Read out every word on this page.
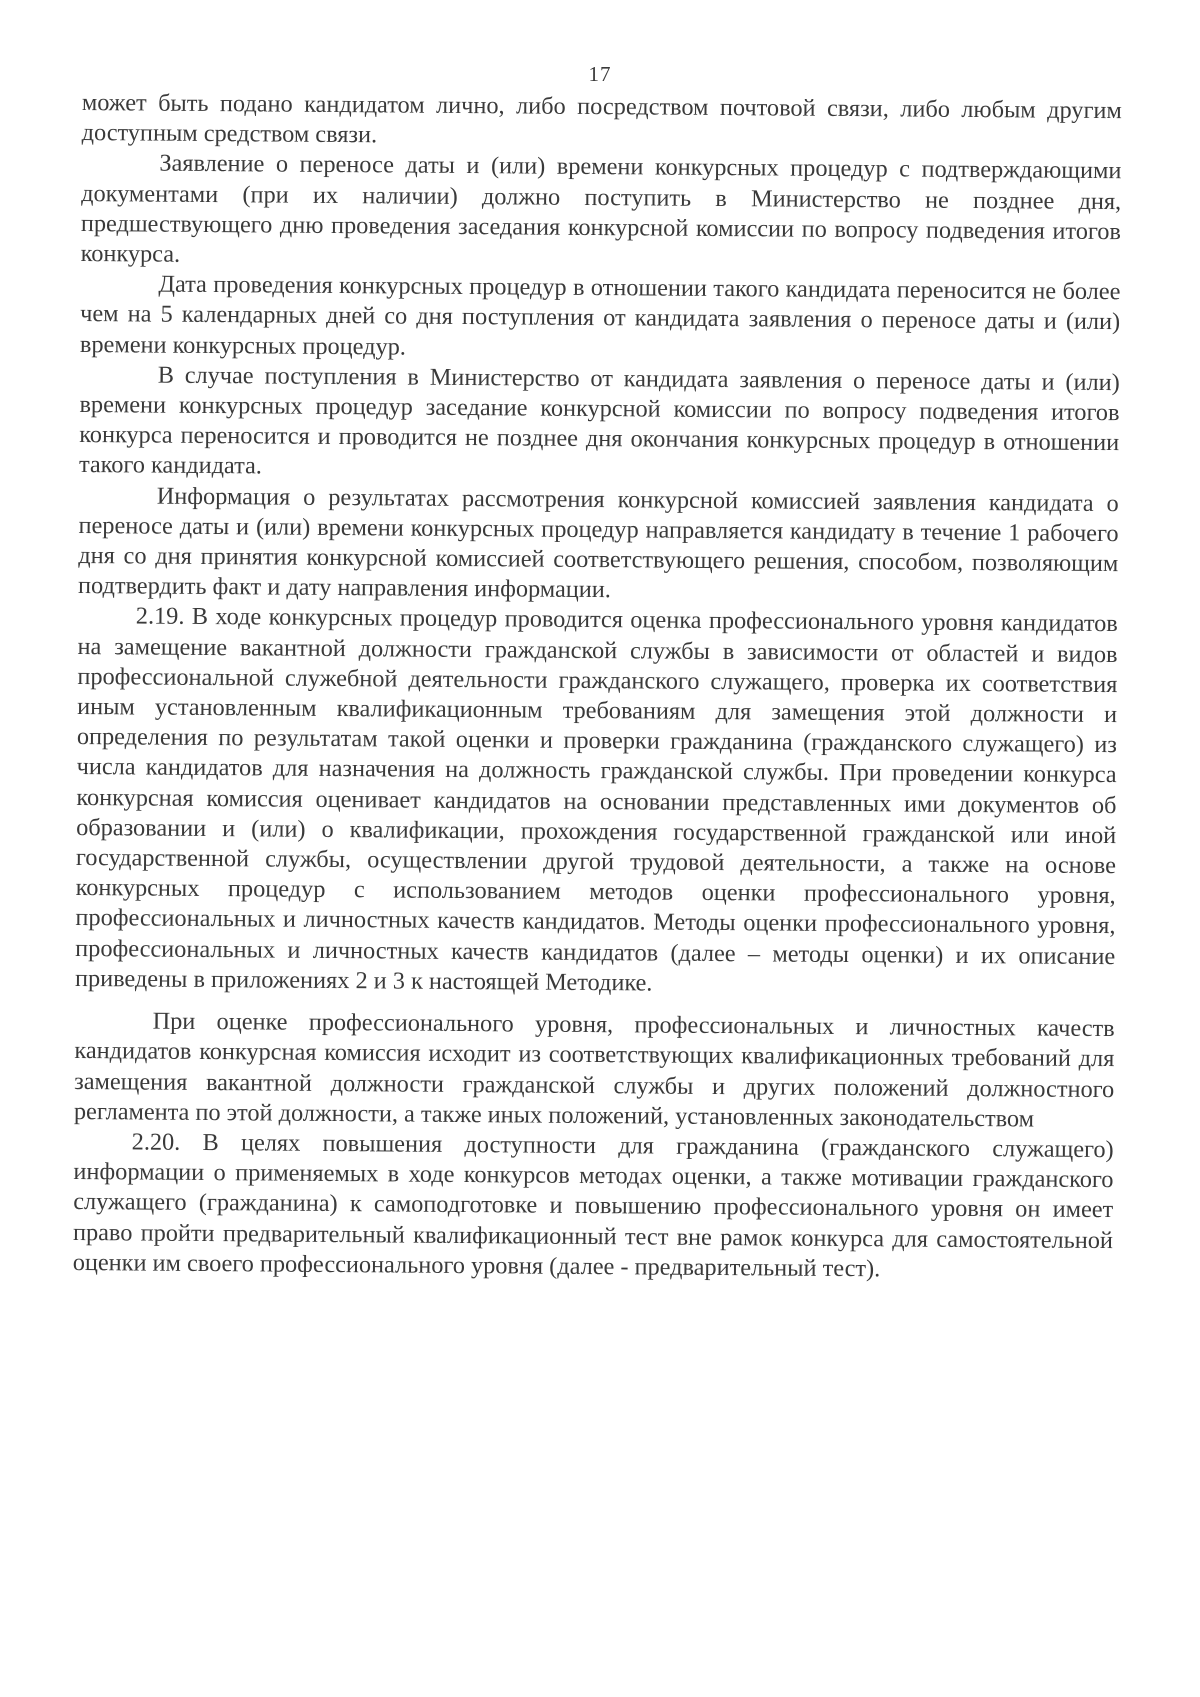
17

может быть подано кандидатом лично, либо посредством почтовой связи, либо любым другим доступным средством связи.

Заявление о переносе даты и (или) времени конкурсных процедур с подтверждающими документами (при их наличии) должно поступить в Министерство не позднее дня, предшествующего дню проведения заседания конкурсной комиссии по вопросу подведения итогов конкурса.

Дата проведения конкурсных процедур в отношении такого кандидата переносится не более чем на 5 календарных дней со дня поступления от кандидата заявления о переносе даты и (или) времени конкурсных процедур.

В случае поступления в Министерство от кандидата заявления о переносе даты и (или) времени конкурсных процедур заседание конкурсной комиссии по вопросу подведения итогов конкурса переносится и проводится не позднее дня окончания конкурсных процедур в отношении такого кандидата.

Информация о результатах рассмотрения конкурсной комиссией заявления кандидата о переносе даты и (или) времени конкурсных процедур направляется кандидату в течение 1 рабочего дня со дня принятия конкурсной комиссией соответствующего решения, способом, позволяющим подтвердить факт и дату направления информации.

2.19. В ходе конкурсных процедур проводится оценка профессионального уровня кандидатов на замещение вакантной должности гражданской службы в зависимости от областей и видов профессиональной служебной деятельности гражданского служащего, проверка их соответствия иным установленным квалификационным требованиям для замещения этой должности и определения по результатам такой оценки и проверки гражданина (гражданского служащего) из числа кандидатов для назначения на должность гражданской службы. При проведении конкурса конкурсная комиссия оценивает кандидатов на основании представленных ими документов об образовании и (или) о квалификации, прохождения государственной гражданской или иной государственной службы, осуществлении другой трудовой деятельности, а также на основе конкурсных процедур с использованием методов оценки профессионального уровня, профессиональных и личностных качеств кандидатов. Методы оценки профессионального уровня, профессиональных и личностных качеств кандидатов (далее – методы оценки) и их описание приведены в приложениях 2 и 3 к настоящей Методике.

При оценке профессионального уровня, профессиональных и личностных качеств кандидатов конкурсная комиссия исходит из соответствующих квалификационных требований для замещения вакантной должности гражданской службы и других положений должностного регламента по этой должности, а также иных положений, установленных законодательством

2.20. В целях повышения доступности для гражданина (гражданского служащего) информации о применяемых в ходе конкурсов методах оценки, а также мотивации гражданского служащего (гражданина) к самоподготовке и повышению профессионального уровня он имеет право пройти предварительный квалификационный тест вне рамок конкурса для самостоятельной оценки им своего профессионального уровня (далее - предварительный тест).
